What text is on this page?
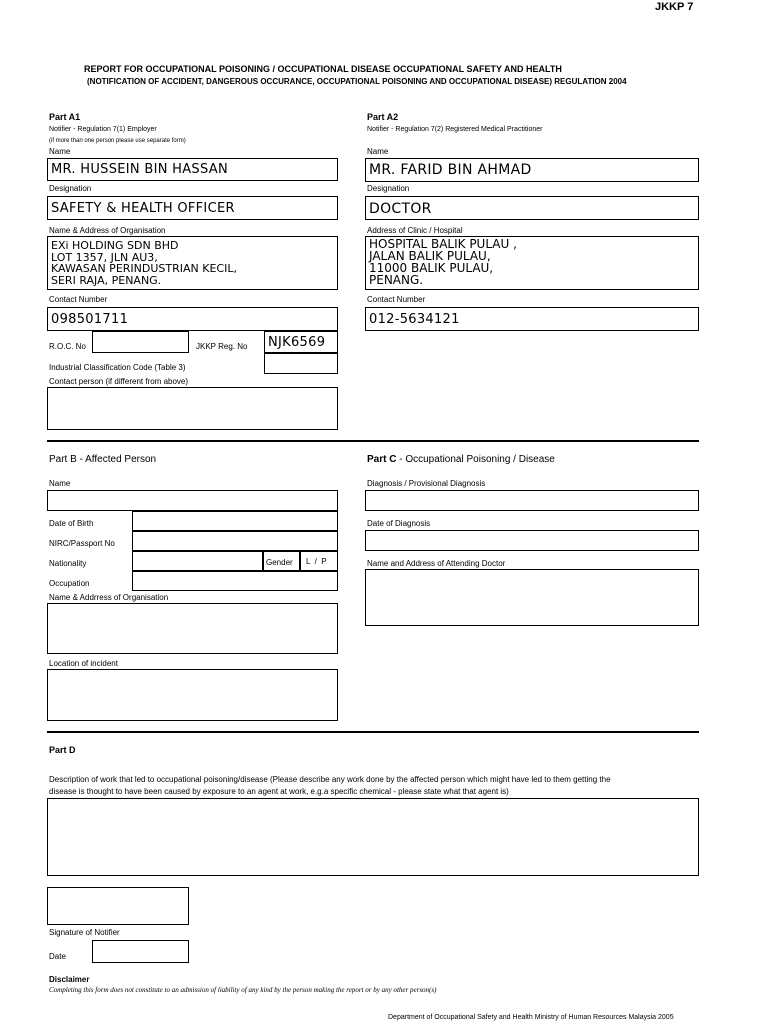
JKKP 7
REPORT FOR OCCUPATIONAL POISONING / OCCUPATIONAL DISEASE OCCUPATIONAL SAFETY AND HEALTH
(NOTIFICATION OF ACCIDENT, DANGEROUS OCCURANCE, OCCUPATIONAL POISONING AND OCCUPATIONAL DISEASE) REGULATION 2004
Part A1
Notifier - Regulation 7(1) Employer
(if more than one person please use separate form)
Name
MR. HUSSEIN BIN HASSAN
Designation
SAFETY & HEALTH OFFICER
Name & Address of Organisation
EXi HOLDING SDN BHD
LOT 1357, JLN AU3,
KAWASAN PERINDUSTRIAN KECIL,
SERI RAJA, PENANG.
Contact Number
098501711
R.O.C. No	JKKP Reg. No NJK6569
Industrial Classification Code (Table 3)
Contact person (if different from above)
Part A2
Notifier - Regulation 7(2) Registered Medical Practitioner
Name
MR. FARID BIN AHMAD
Designation
DOCTOR
Address of Clinic / Hospital
HOSPITAL BALIK PULAU ,
JALAN BALIK PULAU,
11000 BALIK PULAU,
PENANG.
Contact Number
012-5634121
Part B - Affected Person
Name
Date of Birth
NIRC/Passport No
Nationality	Gender L  /  P
Occupation
Name & Addrress of Organisation
Location of incident
Part C - Occupational Poisoning / Disease
Diagnosis / Provisional Diagnosis
Date of Diagnosis
Name and Address of Attending Doctor
Part D
Description of work that led to occupational poisoning/disease (Please describe any work done by the affected person which might have led to them getting the
disease is thought to have been caused by exposure to an agent at work, e.g.a specific chemical - please state what that agent is)
Signature of Notifier
Date
Disclaimer
Completing this form does not constitute to an admission of liability of any kind by the person making the report or by any other person(s)
Department of Occupational Safety and Health Ministry of Human Resources Malaysia 2005
